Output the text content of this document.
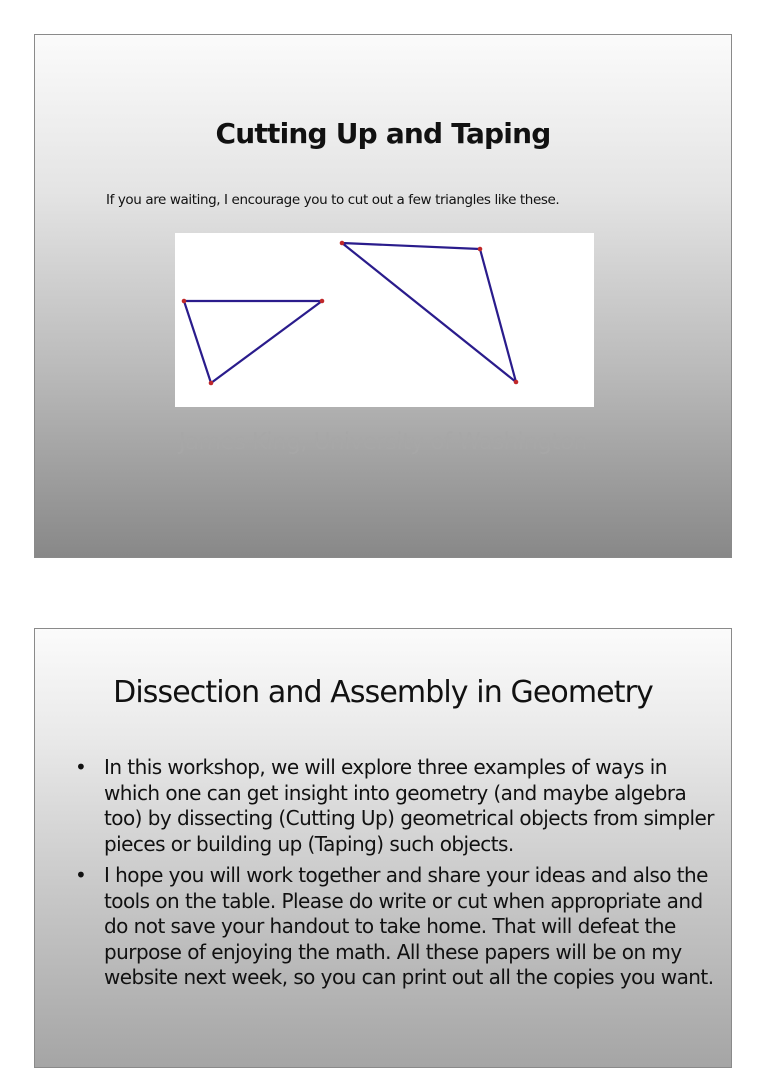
Cutting Up and Taping
If you are waiting, I encourage you to cut out a few triangles like these.
James King, University of Washington
Dissection and Assembly in Geometry
• In this workshop, we will explore three examples of ways in which one can get insight into geometry (and maybe algebra too) by dissecting (Cutting Up) geometrical objects from simpler pieces or building up (Taping) such objects.
• I hope you will work together and share your ideas and also the tools on the table. Please do write or cut when appropriate and do not save your handout to take home. That will defeat the purpose of enjoying the math. All these papers will be on my website next week, so you can print out all the copies you want.
